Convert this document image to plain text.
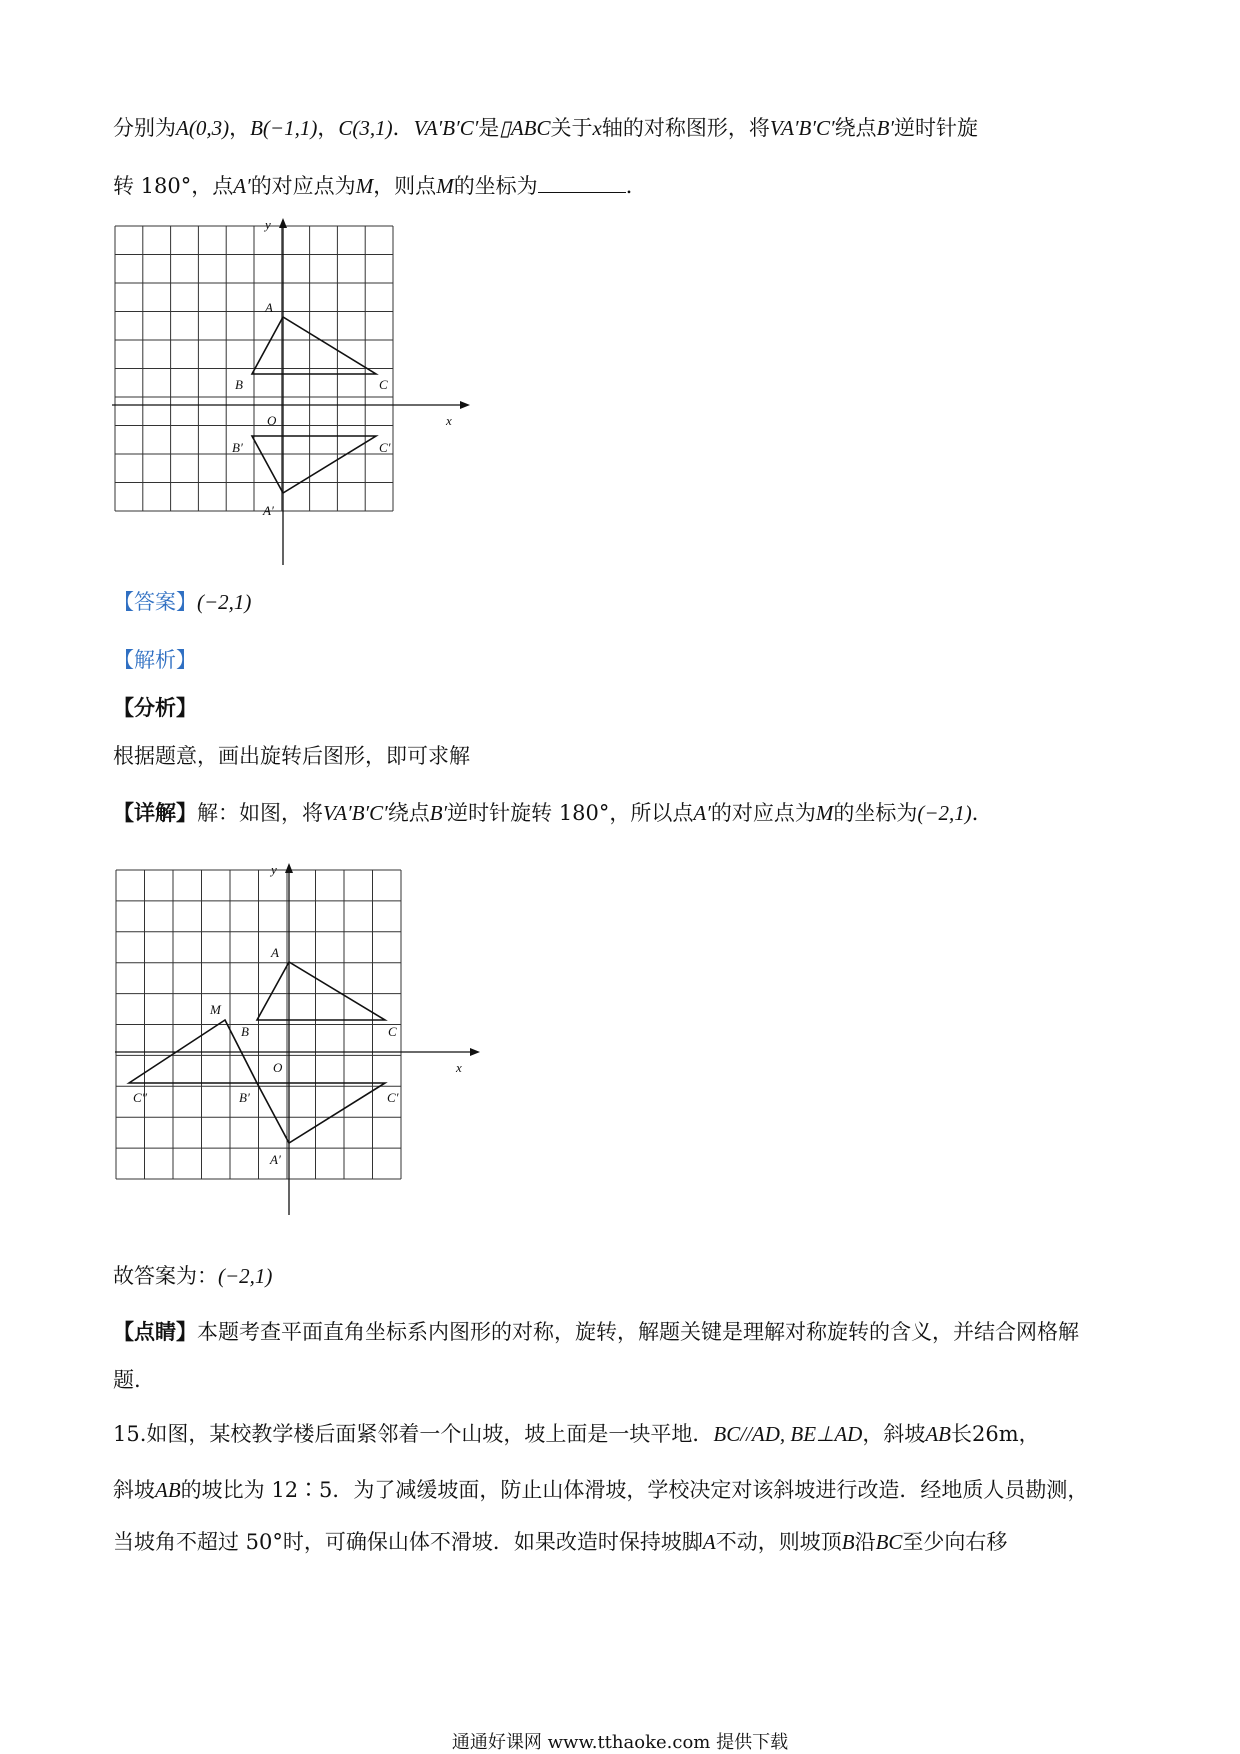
分别为A(0,3)，B(−1,1)，C(3,1)．VA′B′C′是▯ABC关于x轴的对称图形，将VA′B′C′绕点B′逆时针旋
转 180°，点A′的对应点为M，则点M的坐标为	．
y
x
O
A
B	C
B′	C′
A′
【答案】(−2,1)
【解析】
【分析】
根据题意，画出旋转后图形，即可求解
【详解】解：如图，将VA′B′C′绕点B′逆时针旋转 180°，所以点A′的对应点为M的坐标为(−2,1)．
y
x
O
A
M
B	C
C″	B′	C′
A′
故答案为：(−2,1)
【点睛】本题考查平面直角坐标系内图形的对称，旋转，解题关键是理解对称旋转的含义，并结合网格解
题.
15.如图，某校教学楼后面紧邻着一个山坡，坡上面是一块平地．BC//AD, BE⊥AD，斜坡AB长26m，
斜坡AB的坡比为 12∶5．为了减缓坡面，防止山体滑坡，学校决定对该斜坡进行改造．经地质人员勘测，
当坡角不超过 50°时，可确保山体不滑坡．如果改造时保持坡脚A不动，则坡顶B沿BC至少向右移
通通好课网 www.tthaoke.com 提供下载
